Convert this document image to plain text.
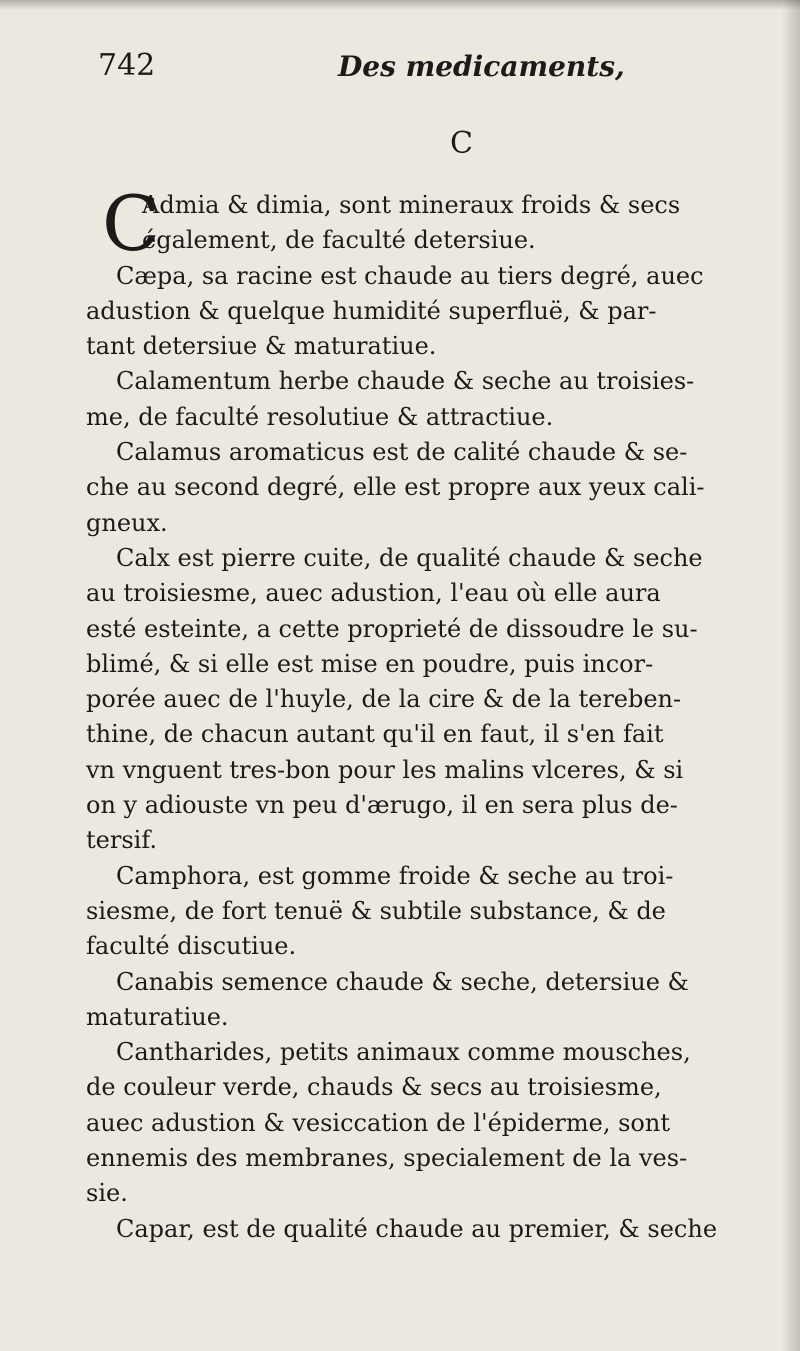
742	Des medicaments,
C
C
Admia & dimia, sont mineraux froids & secs
également, de faculté detersiue.
Cæpa, sa racine est chaude au tiers degré, auec
adustion & quelque humidité superfluë, & par-
tant detersiue & maturatiue.
Calamentum herbe chaude & seche au troisies-
me, de faculté resolutiue & attractiue.
Calamus aromaticus est de calité chaude & se-
che au second degré, elle est propre aux yeux cali-
gneux.
Calx est pierre cuite, de qualité chaude & seche
au troisiesme, auec adustion, l'eau où elle aura
esté esteinte, a cette proprieté de dissoudre le su-
blimé, & si elle est mise en poudre, puis incor-
porée auec de l'huyle, de la cire & de la tereben-
thine, de chacun autant qu'il en faut, il s'en fait
vn vnguent tres-bon pour les malins vlceres, & si
on y adiouste vn peu d'ærugo, il en sera plus de-
tersif.
Camphora, est gomme froide & seche au troi-
siesme, de fort tenuë & subtile substance, & de
faculté discutiue.
Canabis semence chaude & seche, detersiue &
maturatiue.
Cantharides, petits animaux comme mousches,
de couleur verde, chauds & secs au troisiesme,
auec adustion & vesiccation de l'épiderme, sont
ennemis des membranes, specialement de la ves-
sie.
Capar, est de qualité chaude au premier, & seche
